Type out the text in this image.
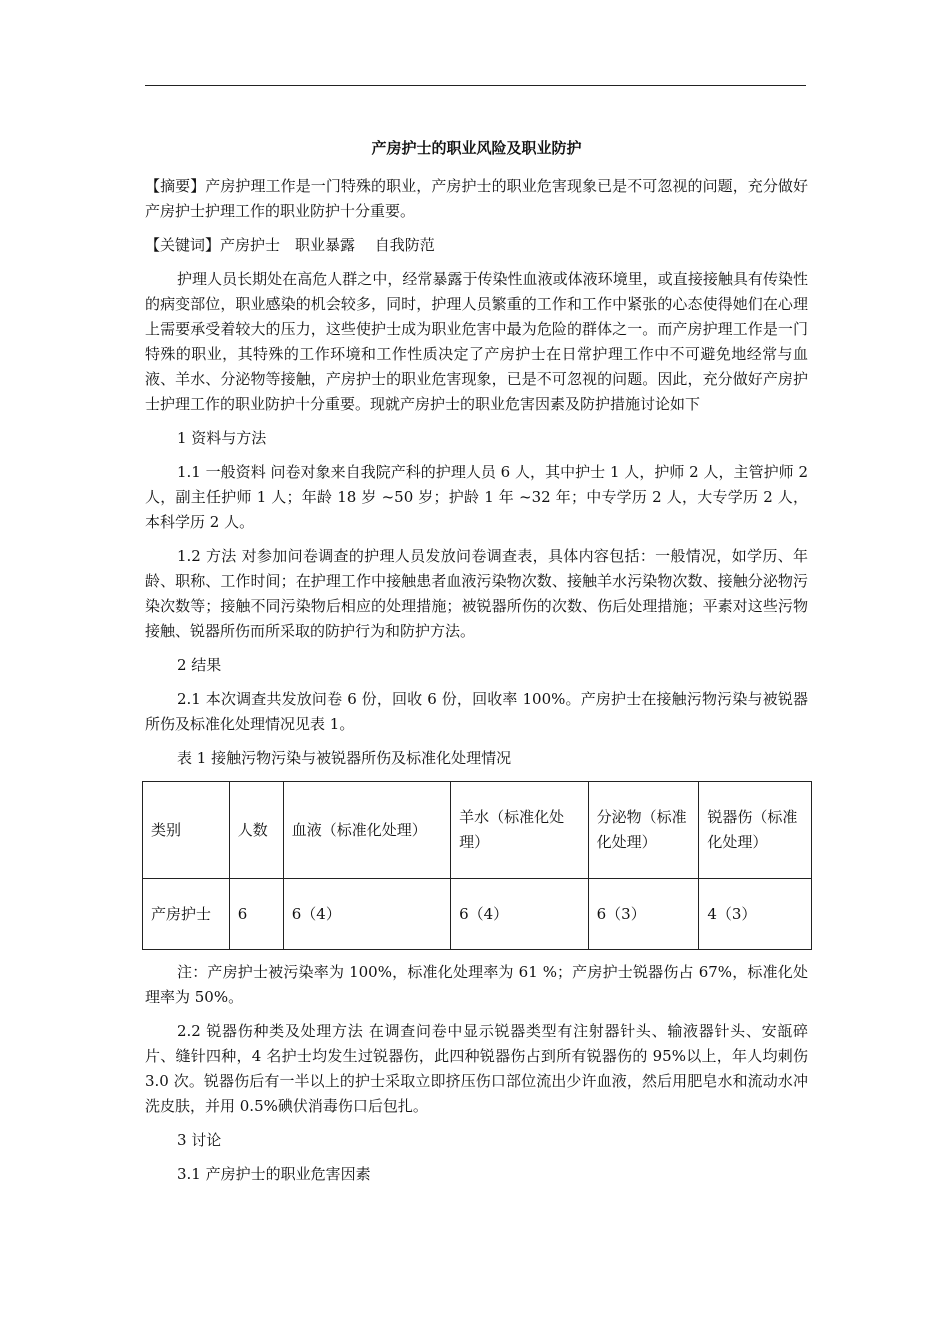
产房护士的职业风险及职业防护

【摘要】产房护理工作是一门特殊的职业，产房护士的职业危害现象已是不可忽视的问题，充分做好产房护士护理工作的职业防护十分重要。

【关键词】产房护士　职业暴露　 自我防范

护理人员长期处在高危人群之中，经常暴露于传染性血液或体液环境里，或直接接触具有传染性的病变部位，职业感染的机会较多，同时，护理人员繁重的工作和工作中紧张的心态使得她们在心理上需要承受着较大的压力，这些使护士成为职业危害中最为危险的群体之一。而产房护理工作是一门特殊的职业，其特殊的工作环境和工作性质决定了产房护士在日常护理工作中不可避免地经常与血液、羊水、分泌物等接触，产房护士的职业危害现象，已是不可忽视的问题。因此，充分做好产房护士护理工作的职业防护十分重要。现就产房护士的职业危害因素及防护措施讨论如下

1 资料与方法

1.1 一般资料 问卷对象来自我院产科的护理人员 6 人，其中护士 1 人，护师 2 人，主管护师 2 人，副主任护师 1 人；年龄 18 岁 ~50 岁；护龄 1 年 ~32 年；中专学历 2 人，大专学历 2 人，本科学历 2 人。

1.2 方法 对参加问卷调查的护理人员发放问卷调查表，具体内容包括：一般情况，如学历、年龄、职称、工作时间；在护理工作中接触患者血液污染物次数、接触羊水污染物次数、接触分泌物污染次数等；接触不同污染物后相应的处理措施；被锐器所伤的次数、伤后处理措施；平素对这些污物接触、锐器所伤而所采取的防护行为和防护方法。

2 结果

2.1 本次调查共发放问卷 6 份，回收 6 份，回收率 100%。产房护士在接触污物污染与被锐器所伤及标准化处理情况见表 1。

表 1 接触污物污染与被锐器所伤及标准化处理情况

类别	人数	血液（标准化处理）	羊水（标准化处理）	分泌物（标准化处理）	锐器伤（标准化处理）
产房护士	6	6（4）	6（4）	6（3）	4（3）

注：产房护士被污染率为 100%，标准化处理率为 61 %；产房护士锐器伤占 67%，标准化处理率为 50%。

2.2 锐器伤种类及处理方法 在调查问卷中显示锐器类型有注射器针头、输液器针头、安瓿碎片、缝针四种，4 名护士均发生过锐器伤，此四种锐器伤占到所有锐器伤的 95%以上，年人均刺伤 3.0 次。锐器伤后有一半以上的护士采取立即挤压伤口部位流出少许血液，然后用肥皂水和流动水冲洗皮肤，并用 0.5%碘伏消毒伤口后包扎。

3 讨论

3.1 产房护士的职业危害因素
